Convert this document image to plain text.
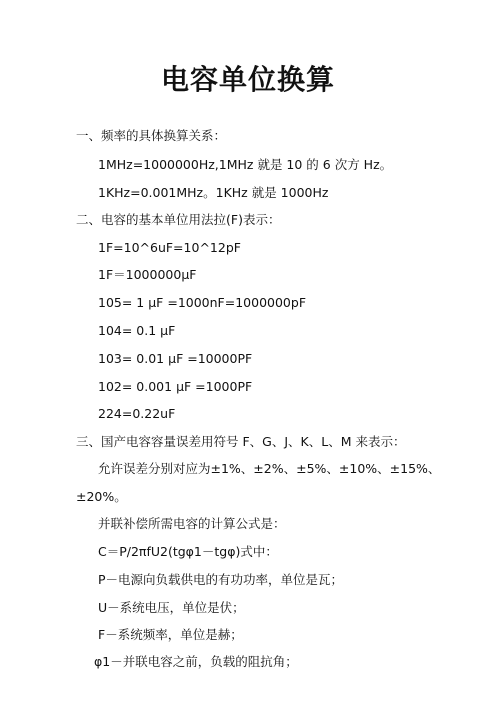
电容单位换算
一、频率的具体换算关系：
1MHz=1000000Hz,1MHz 就是 10 的 6 次方 Hz。
1KHz=0.001MHz。1KHz 就是 1000Hz
二、电容的基本单位用法拉(F)表示：
1F=10^6uF=10^12pF
1F＝1000000μF
105= 1 μF =1000nF=1000000pF
104= 0.1 μF
103= 0.01 μF =10000PF
102= 0.001 μF =1000PF
224=0.22uF
三、国产电容容量误差用符号 F、G、J、K、L、M 来表示：
允许误差分别对应为±1%、±2%、±5%、±10%、±15%、
±20%。
并联补偿所需电容的计算公式是：
C＝P/2πfU2(tgφ1－tgφ)式中：
P－电源向负载供电的有功功率，单位是瓦；
U－系统电压，单位是伏；
F－系统频率，单位是赫；
φ1－并联电容之前，负载的阻抗角；
